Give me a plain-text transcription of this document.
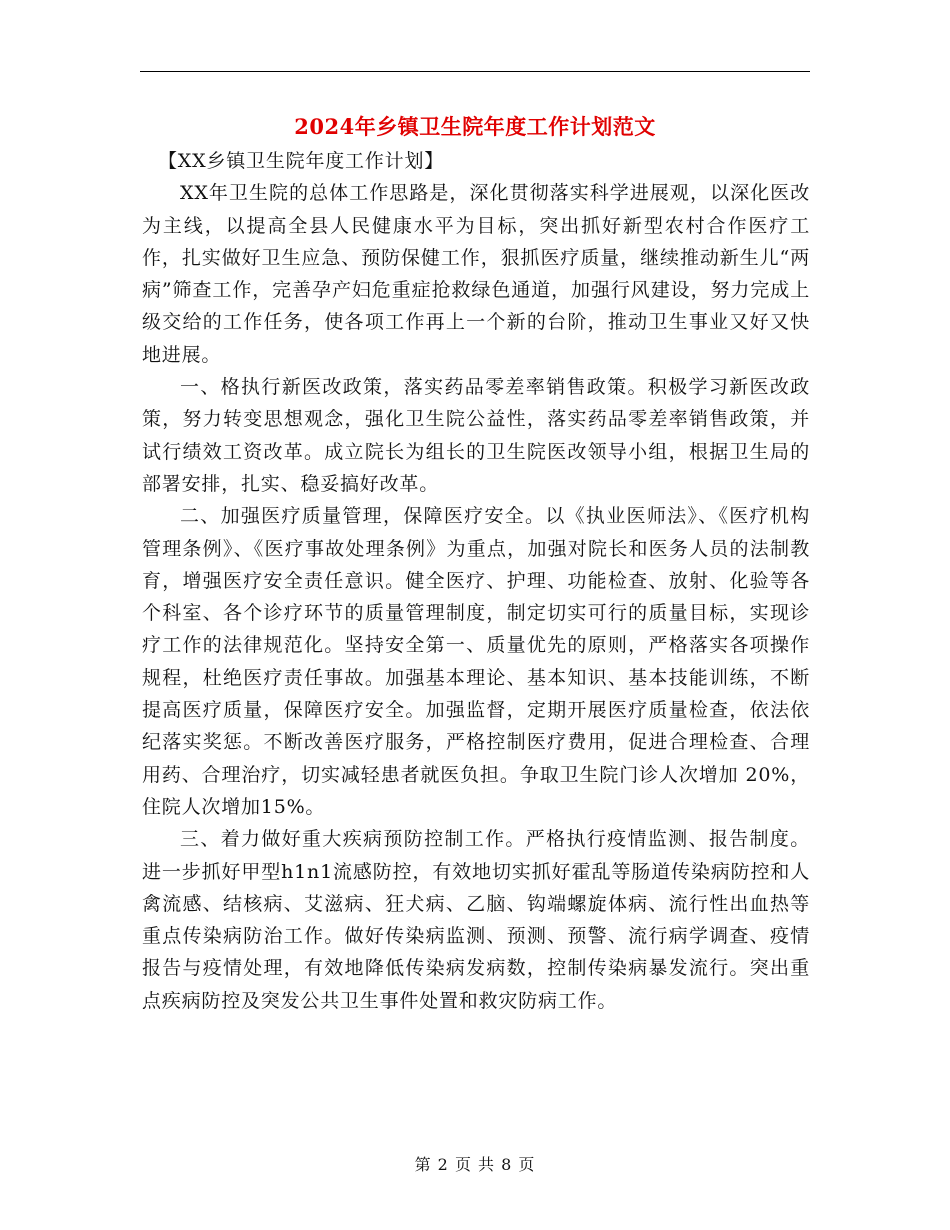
2024年乡镇卫生院年度工作计划范文

【XX乡镇卫生院年度工作计划】

XX年卫生院的总体工作思路是，深化贯彻落实科学进展观，以深化医改为主线，以提高全县人民健康水平为目标，突出抓好新型农村合作医疗工作，扎实做好卫生应急、预防保健工作，狠抓医疗质量，继续推动新生儿“两病”筛查工作，完善孕产妇危重症抢救绿色通道，加强行风建设，努力完成上级交给的工作任务，使各项工作再上一个新的台阶，推动卫生事业又好又快地进展。

一、格执行新医改政策，落实药品零差率销售政策。积极学习新医改政策，努力转变思想观念，强化卫生院公益性，落实药品零差率销售政策，并试行绩效工资改革。成立院长为组长的卫生院医改领导小组，根据卫生局的部署安排，扎实、稳妥搞好改革。

二、加强医疗质量管理，保障医疗安全。以《执业医师法》、《医疗机构管理条例》、《医疗事故处理条例》为重点，加强对院长和医务人员的法制教育，增强医疗安全责任意识。健全医疗、护理、功能检查、放射、化验等各个科室、各个诊疗环节的质量管理制度，制定切实可行的质量目标，实现诊疗工作的法律规范化。坚持安全第一、质量优先的原则，严格落实各项操作规程，杜绝医疗责任事故。加强基本理论、基本知识、基本技能训练，不断提高医疗质量，保障医疗安全。加强监督，定期开展医疗质量检查，依法依纪落实奖惩。不断改善医疗服务，严格控制医疗费用，促进合理检查、合理用药、合理治疗，切实减轻患者就医负担。争取卫生院门诊人次增加 20%，住院人次增加15%。

三、着力做好重大疾病预防控制工作。严格执行疫情监测、报告制度。进一步抓好甲型h1n1流感防控，有效地切实抓好霍乱等肠道传染病防控和人禽流感、结核病、艾滋病、狂犬病、乙脑、钩端螺旋体病、流行性出血热等重点传染病防治工作。做好传染病监测、预测、预警、流行病学调查、疫情报告与疫情处理，有效地降低传染病发病数，控制传染病暴发流行。突出重点疾病防控及突发公共卫生事件处置和救灾防病工作。

第 2 页 共 8 页
